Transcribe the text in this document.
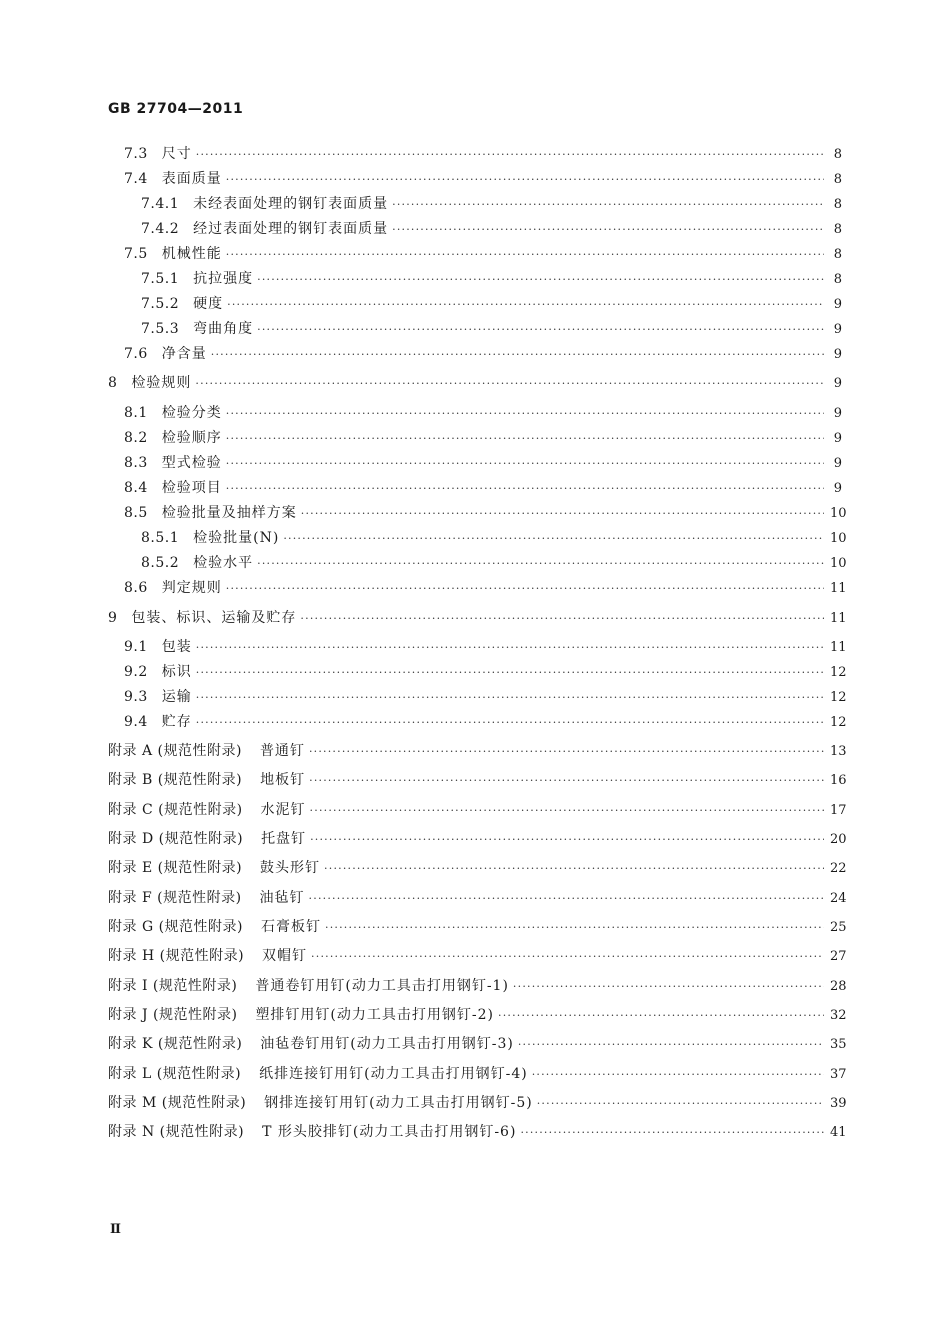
GB 27704—2011
7.3 尺寸 ·····	8
7.4 表面质量 ·····	8
7.4.1 未经表面处理的钢钉表面质量 ·····	8
7.4.2 经过表面处理的钢钉表面质量 ·····	8
7.5 机械性能 ·····	8
7.5.1 抗拉强度 ·····	8
7.5.2 硬度 ·····	9
7.5.3 弯曲角度 ·····	9
7.6 净含量 ·····	9
8 检验规则 ·····	9
8.1 检验分类 ·····	9
8.2 检验顺序 ·····	9
8.3 型式检验 ·····	9
8.4 检验项目 ·····	9
8.5 检验批量及抽样方案 ·····	10
8.5.1 检验批量(N) ·····	10
8.5.2 检验水平 ·····	10
8.6 判定规则 ·····	11
9 包装、标识、运输及贮存 ·····	11
9.1 包装 ·····	11
9.2 标识 ·····	12
9.3 运输 ·····	12
9.4 贮存 ·····	12
附录 A (规范性附录) 普通钉 ·····	13
附录 B (规范性附录) 地板钉 ·····	16
附录 C (规范性附录) 水泥钉 ·····	17
附录 D (规范性附录) 托盘钉 ·····	20
附录 E (规范性附录) 鼓头形钉 ·····	22
附录 F (规范性附录) 油毡钉 ·····	24
附录 G (规范性附录) 石膏板钉 ·····	25
附录 H (规范性附录) 双帽钉 ·····	27
附录 I (规范性附录) 普通卷钉用钉(动力工具击打用钢钉-1) ·····	28
附录 J (规范性附录) 塑排钉用钉(动力工具击打用钢钉-2) ·····	32
附录 K (规范性附录) 油毡卷钉用钉(动力工具击打用钢钉-3) ·····	35
附录 L (规范性附录) 纸排连接钉用钉(动力工具击打用钢钉-4) ·····	37
附录 M (规范性附录) 钢排连接钉用钉(动力工具击打用钢钉-5) ·····	39
附录 N (规范性附录) T 形头胶排钉(动力工具击打用钢钉-6) ·····	41
Ⅱ
